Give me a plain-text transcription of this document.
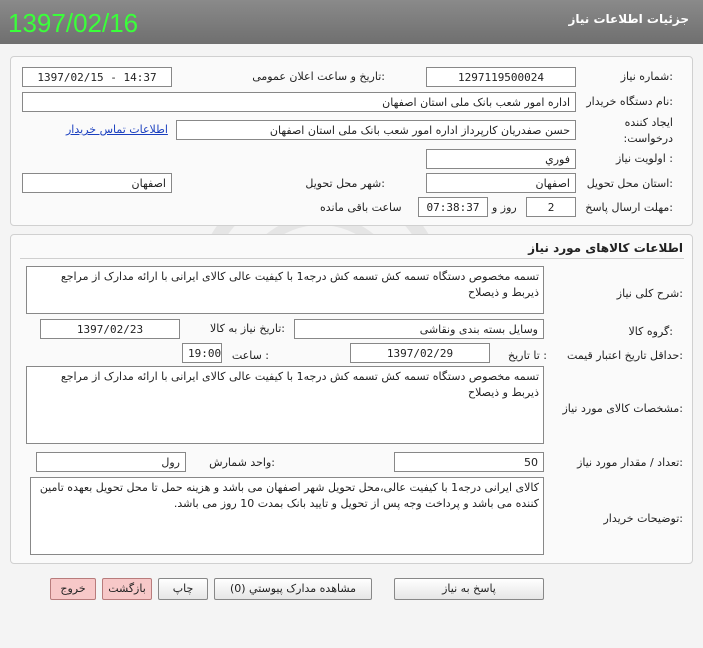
جزئیات اطلاعات نیاز
1397/02/16
شماره نیاز:
1297119500024
تاریخ و ساعت اعلان عمومی:
1397/02/15 - 14:37
نام دستگاه خریدار:
اداره امور شعب بانک ملی استان اصفهان
ایجاد کننده درخواست:
حسن صفدریان کارپرداز اداره امور شعب بانک ملی استان اصفهان
اطلاعات تماس خریدار
اولویت نیاز :
فوري
استان محل تحویل:
اصفهان
شهر محل تحویل:
اصفهان
مهلت ارسال پاسخ:
2
روز و
07:38:37
ساعت باقی مانده
اطلاعات کالاهای مورد نیاز
شرح کلی نیاز:
تسمه مخصوص دستگاه تسمه کش تسمه کش درجه1 با کیفیت عالی کالای ایرانی با ارائه مدارک از مراجع ذیربط و ذیصلاح
گروه کالا:
وسایل بسته بندی ونقاشی
تاریخ نیاز به کالا:
1397/02/23
حداقل تاریخ اعتبار قیمت:
تا تاریخ :
1397/02/29
ساعت :
19:00
مشخصات کالای مورد نیاز:
تسمه مخصوص دستگاه تسمه کش تسمه کش درجه1 با کیفیت عالی کالای ایرانی با ارائه مدارک از مراجع ذیربط و ذیصلاح
تعداد / مقدار مورد نیاز:
50
واحد شمارش:
رول
توضیحات خریدار:
کالای ایرانی درجه1 با کیفیت عالی،محل تحویل شهر اصفهان می باشد و هزینه حمل تا محل تحویل بعهده تامین کننده می باشد و پرداخت وجه پس از تحویل و تایید بانک بمدت 10 روز می باشد.
پاسخ به نیاز
مشاهده مدارک پیوستي (0)
چاپ
بازگشت
خروج
